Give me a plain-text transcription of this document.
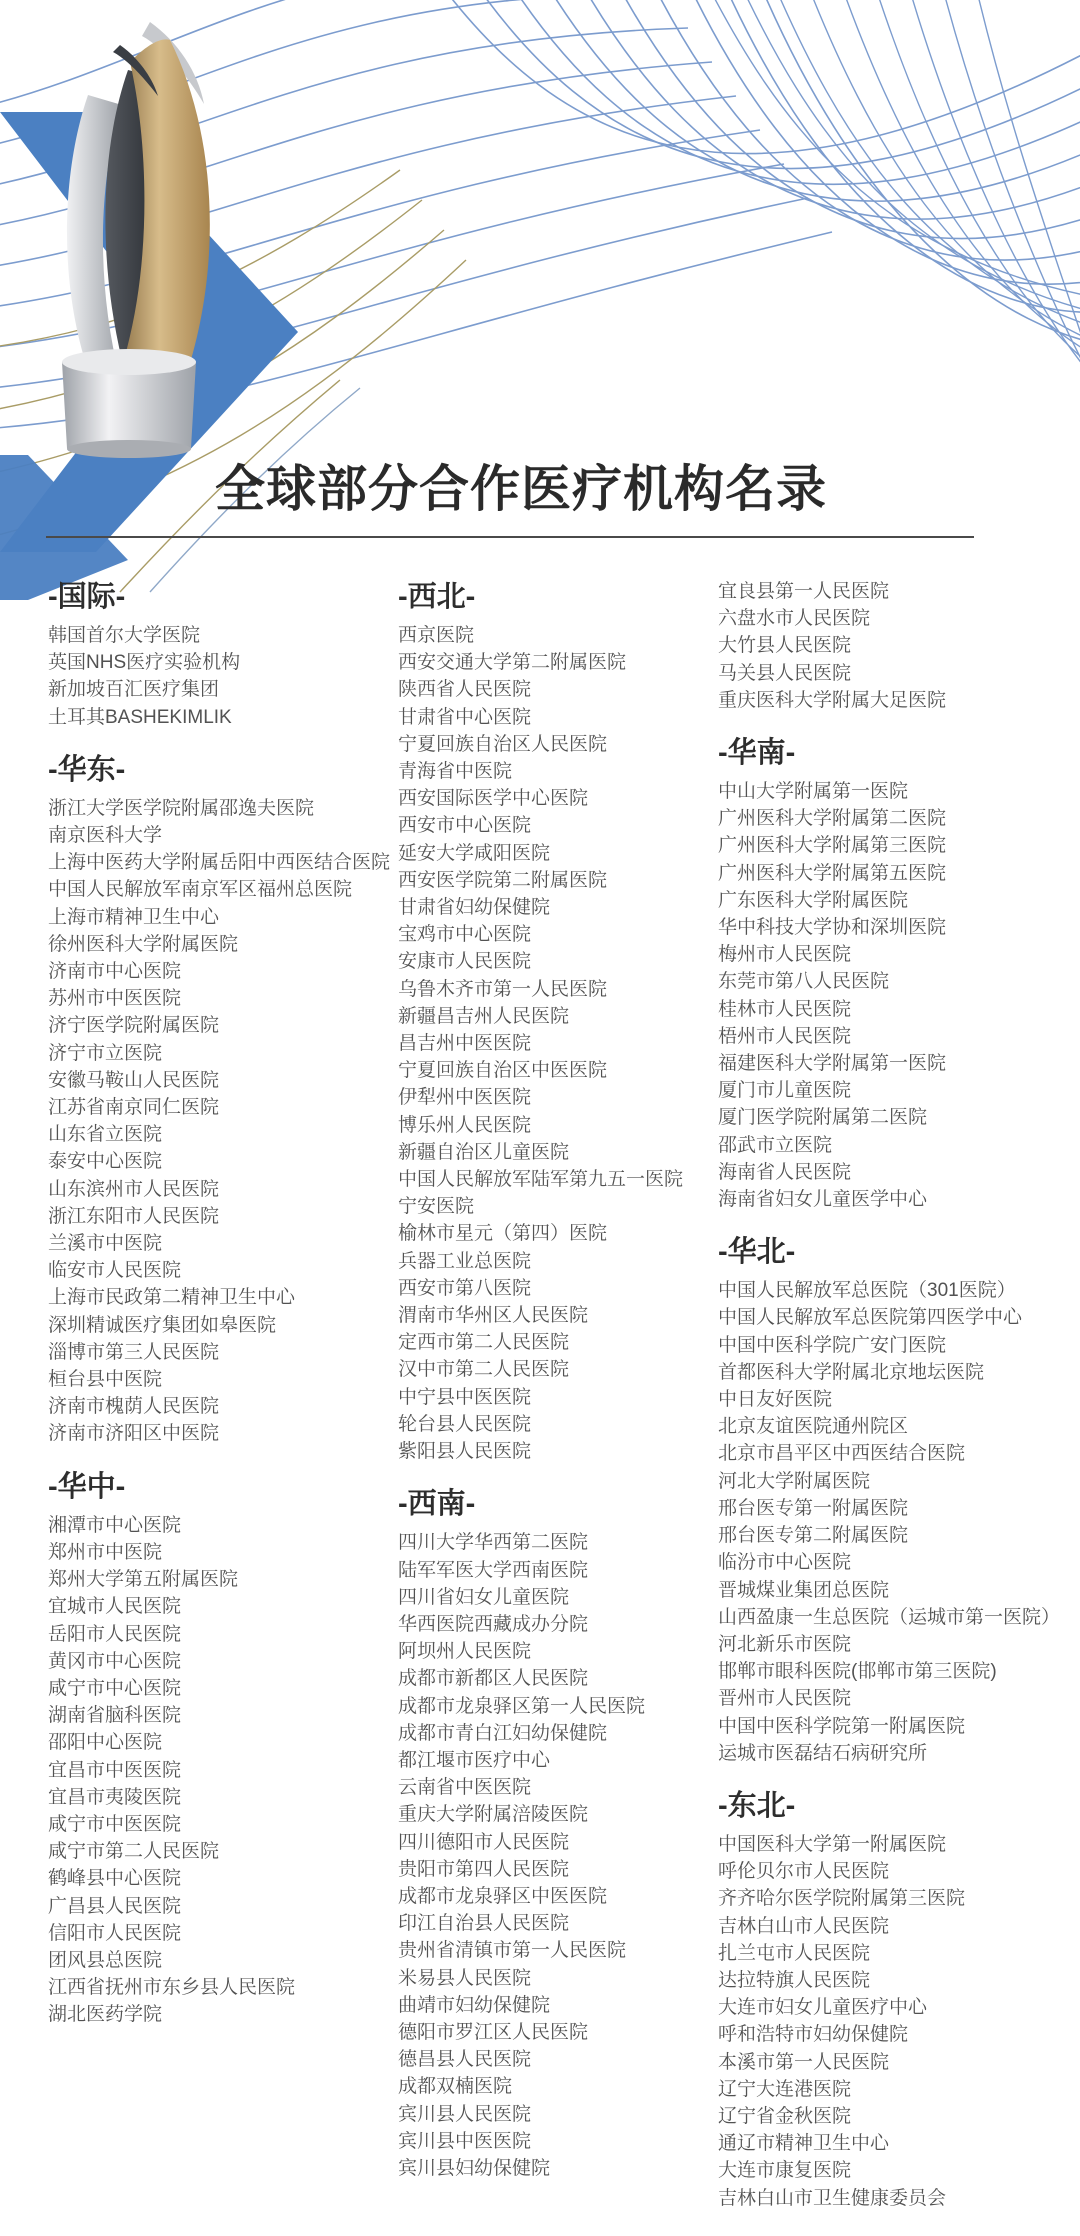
全球部分合作医疗机构名录
-国际-
韩国首尔大学医院
英国NHS医疗实验机构
新加坡百汇医疗集团
土耳其BASHEKIMLIK
-华东-
浙江大学医学院附属邵逸夫医院
南京医科大学
上海中医药大学附属岳阳中西医结合医院
中国人民解放军南京军区福州总医院
上海市精神卫生中心
徐州医科大学附属医院
济南市中心医院
苏州市中医医院
济宁医学院附属医院
济宁市立医院
安徽马鞍山人民医院
江苏省南京同仁医院
山东省立医院
泰安中心医院
山东滨州市人民医院
浙江东阳市人民医院
兰溪市中医院
临安市人民医院
上海市民政第二精神卫生中心
深圳精诚医疗集团如皋医院
淄博市第三人民医院
桓台县中医院
济南市槐荫人民医院
济南市济阳区中医院
-华中-
湘潭市中心医院
郑州市中医院
郑州大学第五附属医院
宜城市人民医院
岳阳市人民医院
黄冈市中心医院
咸宁市中心医院
湖南省脑科医院
邵阳中心医院
宜昌市中医医院
宜昌市夷陵医院
咸宁市中医医院
咸宁市第二人民医院
鹤峰县中心医院
广昌县人民医院
信阳市人民医院
团风县总医院
江西省抚州市东乡县人民医院
湖北医药学院
-西北-
西京医院
西安交通大学第二附属医院
陕西省人民医院
甘肃省中心医院
宁夏回族自治区人民医院
青海省中医院
西安国际医学中心医院
西安市中心医院
延安大学咸阳医院
西安医学院第二附属医院
甘肃省妇幼保健院
宝鸡市中心医院
安康市人民医院
乌鲁木齐市第一人民医院
新疆昌吉州人民医院
昌吉州中医医院
宁夏回族自治区中医医院
伊犁州中医医院
博乐州人民医院
新疆自治区儿童医院
中国人民解放军陆军第九五一医院
宁安医院
榆林市星元（第四）医院
兵器工业总医院
西安市第八医院
渭南市华州区人民医院
定西市第二人民医院
汉中市第二人民医院
中宁县中医医院
轮台县人民医院
紫阳县人民医院
-西南-
四川大学华西第二医院
陆军军医大学西南医院
四川省妇女儿童医院
华西医院西藏成办分院
阿坝州人民医院
成都市新都区人民医院
成都市龙泉驿区第一人民医院
成都市青白江妇幼保健院
都江堰市医疗中心
云南省中医医院
重庆大学附属涪陵医院
四川德阳市人民医院
贵阳市第四人民医院
成都市龙泉驿区中医医院
印江自治县人民医院
贵州省清镇市第一人民医院
米易县人民医院
曲靖市妇幼保健院
德阳市罗江区人民医院
德昌县人民医院
成都双楠医院
宾川县人民医院
宾川县中医医院
宾川县妇幼保健院
宜良县第一人民医院
六盘水市人民医院
大竹县人民医院
马关县人民医院
重庆医科大学附属大足医院
-华南-
中山大学附属第一医院
广州医科大学附属第二医院
广州医科大学附属第三医院
广州医科大学附属第五医院
广东医科大学附属医院
华中科技大学协和深圳医院
梅州市人民医院
东莞市第八人民医院
桂林市人民医院
梧州市人民医院
福建医科大学附属第一医院
厦门市儿童医院
厦门医学院附属第二医院
邵武市立医院
海南省人民医院
海南省妇女儿童医学中心
-华北-
中国人民解放军总医院（301医院）
中国人民解放军总医院第四医学中心
中国中医科学院广安门医院
首都医科大学附属北京地坛医院
中日友好医院
北京友谊医院通州院区
北京市昌平区中西医结合医院
河北大学附属医院
邢台医专第一附属医院
邢台医专第二附属医院
临汾市中心医院
晋城煤业集团总医院
山西盈康一生总医院（运城市第一医院）
河北新乐市医院
邯郸市眼科医院(邯郸市第三医院)
晋州市人民医院
中国中医科学院第一附属医院
运城市医磊结石病研究所
-东北-
中国医科大学第一附属医院
呼伦贝尔市人民医院
齐齐哈尔医学院附属第三医院
吉林白山市人民医院
扎兰屯市人民医院
达拉特旗人民医院
大连市妇女儿童医疗中心
呼和浩特市妇幼保健院
本溪市第一人民医院
辽宁大连港医院
辽宁省金秋医院
通辽市精神卫生中心
大连市康复医院
吉林白山市卫生健康委员会
